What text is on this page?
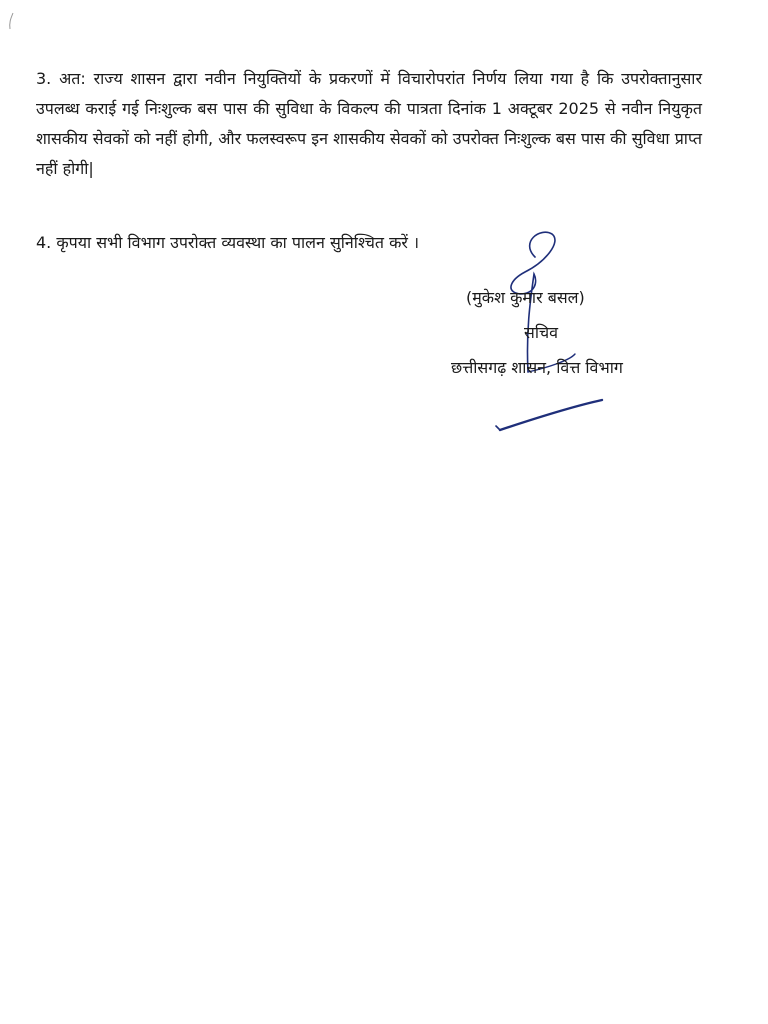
3. अत: राज्य शासन द्वारा नवीन नियुक्तियों के प्रकरणों में विचारोपरांत निर्णय लिया गया है कि उपरोक्तानुसार उपलब्ध कराई गई निःशुल्क बस पास की सुविधा के विकल्प की पात्रता दिनांक 1 अक्टूबर 2025 से नवीन नियुकृत शासकीय सेवकों को नहीं होगी, और फलस्वरूप इन शासकीय सेवकों को उपरोक्त निःशुल्क बस पास की सुविधा प्राप्त नहीं होगी|
4. कृपया सभी विभाग उपरोक्त व्यवस्था का पालन सुनिश्चित करें ।
(मुकेश कुमार बसल)
सचिव
छत्तीसगढ़ शासन, वित्त विभाग
